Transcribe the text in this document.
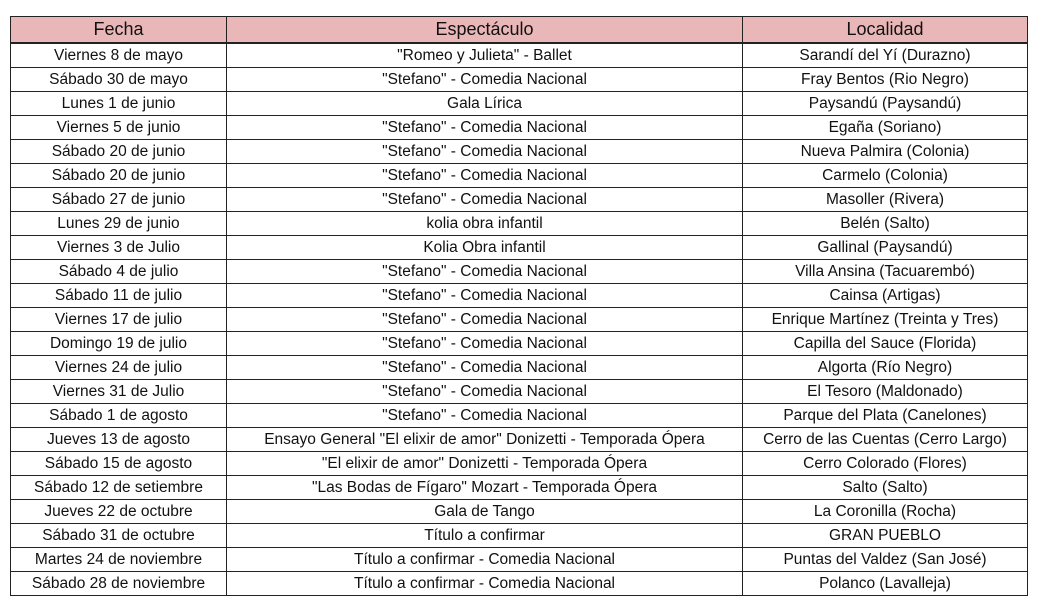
Fecha	Espectáculo	Localidad
Viernes 8 de mayo	"Romeo y Julieta" - Ballet	Sarandí del Yí (Durazno)
Sábado 30 de mayo	"Stefano" - Comedia Nacional	Fray Bentos (Rio Negro)
Lunes 1 de junio	Gala Lírica	Paysandú (Paysandú)
Viernes 5 de junio	"Stefano" - Comedia Nacional	Egaña (Soriano)
Sábado 20 de junio	"Stefano" - Comedia Nacional	Nueva Palmira (Colonia)
Sábado 20 de junio	"Stefano" - Comedia Nacional	Carmelo (Colonia)
Sábado 27 de junio	"Stefano" - Comedia Nacional	Masoller (Rivera)
Lunes 29 de junio	kolia obra infantil	Belén (Salto)
Viernes 3 de Julio	Kolia Obra infantil	Gallinal (Paysandú)
Sábado 4 de julio	"Stefano" - Comedia Nacional	Villa Ansina (Tacuarembó)
Sábado 11 de julio	"Stefano" - Comedia Nacional	Cainsa (Artigas)
Viernes 17 de julio	"Stefano" - Comedia Nacional	Enrique Martínez (Treinta y Tres)
Domingo 19 de julio	"Stefano" - Comedia Nacional	Capilla del Sauce (Florida)
Viernes 24 de julio	"Stefano" - Comedia Nacional	Algorta (Río Negro)
Viernes 31 de Julio	"Stefano" - Comedia Nacional	El Tesoro (Maldonado)
Sábado 1 de agosto	"Stefano" - Comedia Nacional	Parque del Plata (Canelones)
Jueves 13 de agosto	Ensayo General "El elixir de amor" Donizetti - Temporada Ópera	Cerro de las Cuentas (Cerro Largo)
Sábado 15 de agosto	"El elixir de amor" Donizetti - Temporada Ópera	Cerro Colorado (Flores)
Sábado 12 de setiembre	"Las Bodas de Fígaro" Mozart - Temporada Ópera	Salto (Salto)
Jueves 22 de octubre	Gala de Tango	La Coronilla (Rocha)
Sábado 31 de octubre	Título a confirmar	GRAN PUEBLO
Martes 24 de noviembre	Título a confirmar - Comedia Nacional	Puntas del Valdez (San José)
Sábado 28 de noviembre	Título a confirmar - Comedia Nacional	Polanco (Lavalleja)
